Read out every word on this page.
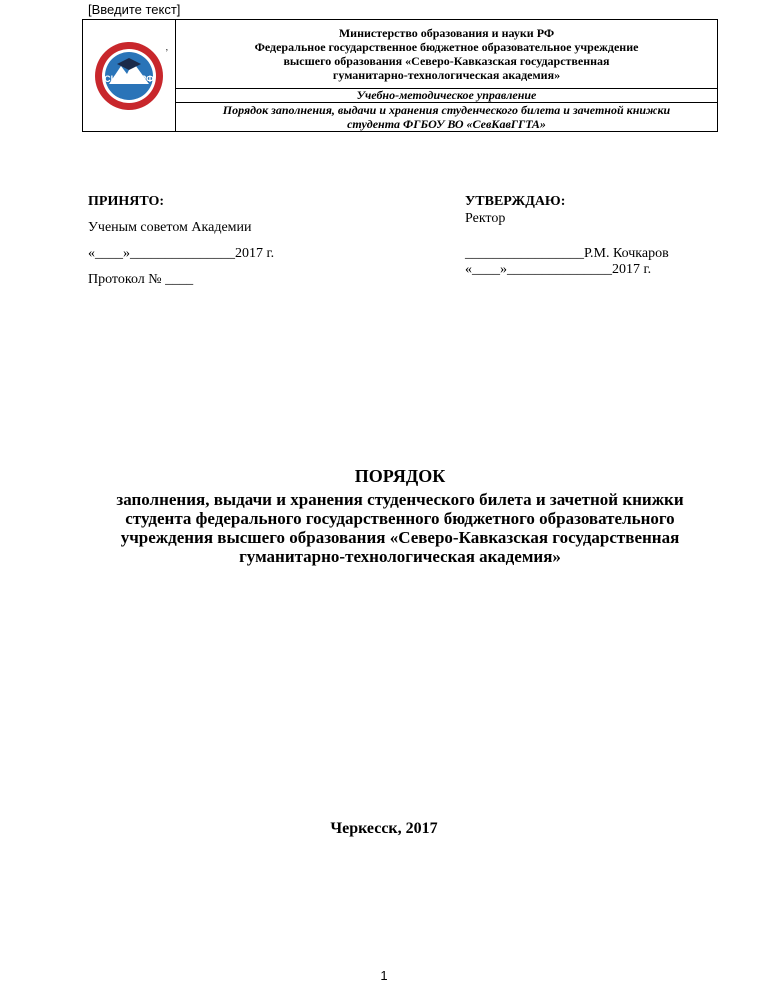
[Введите текст]
СКГГТА РФ
,

Министерство образования и науки РФ
Федеральное государственное бюджетное образовательное учреждение
высшего образования «Северо-Кавказская государственная
гуманитарно-технологическая академия»

Учебно-методическое управление

Порядок заполнения, выдачи и хранения студенческого билета и зачетной книжки
студента ФГБОУ ВО «СевКавГГТА»
ПРИНЯТО:
Ученым советом Академии
«____»_______________2017 г.
Протокол № ____
УТВЕРЖДАЮ:
Ректор
_________________Р.М. Кочкаров
«____»_______________2017 г.
ПОРЯДОК
заполнения, выдачи и хранения студенческого билета и зачетной книжки
студента федерального государственного бюджетного образовательного
учреждения высшего образования «Северо-Кавказская государственная
гуманитарно-технологическая академия»
Черкесск, 2017
1
